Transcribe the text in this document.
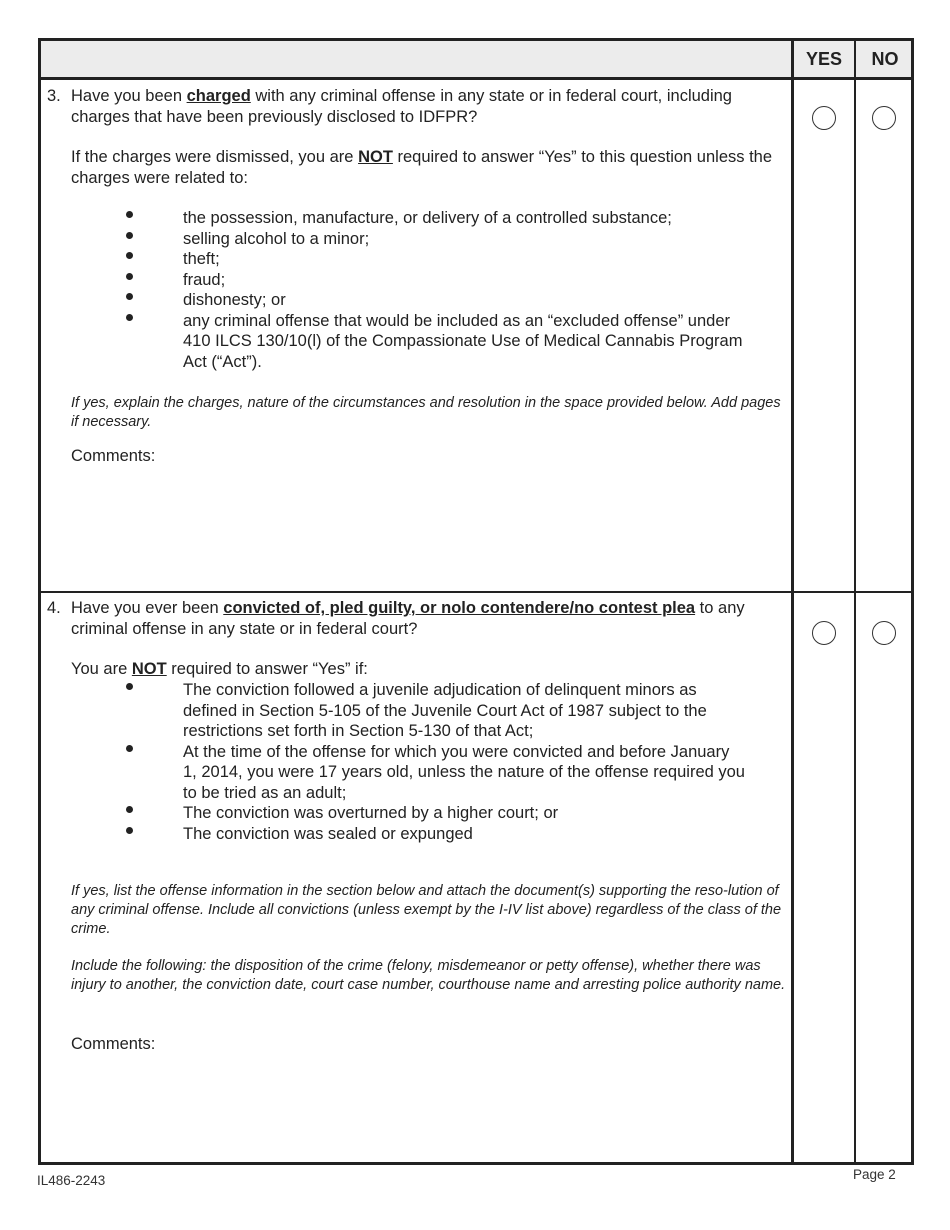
YES	NO
3. Have you been charged with any criminal offense in any state or in federal court, including charges that have been previously disclosed to IDFPR?

If the charges were dismissed, you are NOT required to answer “Yes” to this question unless the charges were related to:

the possession, manufacture, or delivery of a controlled substance;
selling alcohol to a minor;
theft;
fraud;
dishonesty; or
any criminal offense that would be included as an “excluded offense” under 410 ILCS 130/10(l) of the Compassionate Use of Medical Cannabis Program Act (“Act”).
If yes, explain the charges, nature of the circumstances and resolution in the space provided below. Add pages if necessary.
Comments:
4. Have you ever been convicted of, pled guilty, or nolo contendere/no contest plea to any criminal offense in any state or in federal court?

You are NOT required to answer “Yes” if:

The conviction followed a juvenile adjudication of delinquent minors as defined in Section 5-105 of the Juvenile Court Act of 1987 subject to the restrictions set forth in Section 5-130 of that Act;
At the time of the offense for which you were convicted and before January 1, 2014, you were 17 years old, unless the nature of the offense required you to be tried as an adult;
The conviction was overturned by a higher court; or
The conviction was sealed or expunged
If yes, list the offense information in the section below and attach the document(s) supporting the reso-lution of any criminal offense. Include all convictions (unless exempt by the I-IV list above) regardless of the class of the crime.
Include the following: the disposition of the crime (felony, misdemeanor or petty offense), whether there was injury to another, the conviction date, court case number, courthouse name and arresting police authority name.
Comments:
IL486-2243	Page 2
